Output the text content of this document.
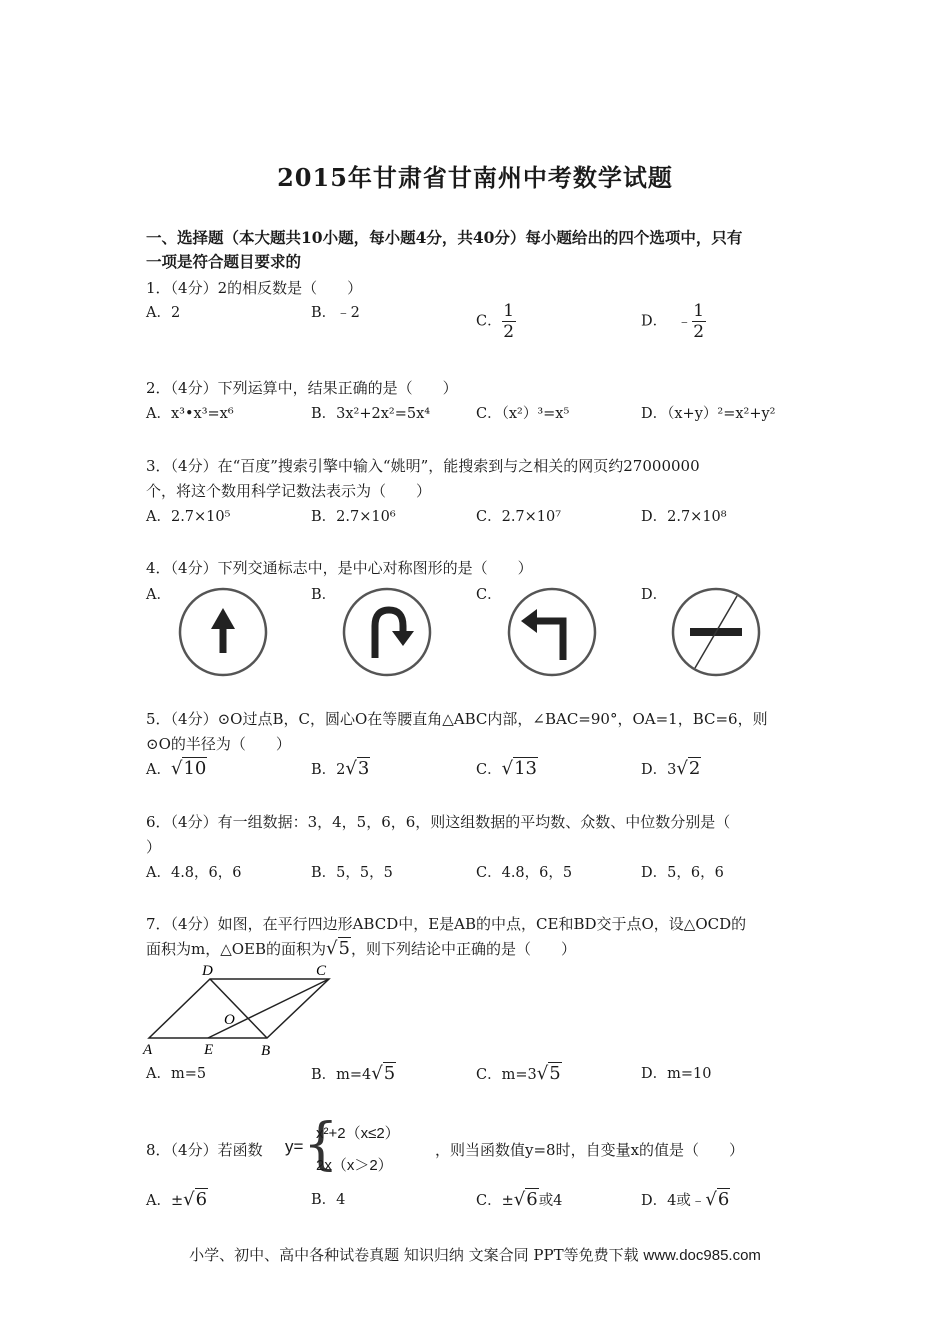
2015年甘肃省甘南州中考数学试题
一、选择题（本大题共10小题，每小题4分，共40分）每小题给出的四个选项中，只有
一项是符合题目要求的
1．（4分）2的相反数是（　　）
A．2	B．﹣2
C． $\frac{1}{2}$	D． ﹣ $\frac{1}{2}$
2．（4分）下列运算中，结果正确的是（　　）
A．x³•x³=x⁶	B．3x²+2x²=5x⁴	C．（x²）³=x⁵	D．（x+y）²=x²+y²
3．（4分）在“百度”搜索引擎中输入“姚明”，能搜索到与之相关的网页约27000000
个，将这个数用科学记数法表示为（　　）
A．2.7×10⁵	B．2.7×10⁶	C．2.7×10⁷	D．2.7×10⁸
4．（4分）下列交通标志中，是中心对称图形的是（　　）
A．	B．	C．	D．
5．（4分）⊙O过点B，C，圆心O在等腰直角△ABC内部，∠BAC=90°，OA=1，BC=6，则
⊙O的半径为（　　）
A．√10	B．2√3	C．√13	D．3√2
6．（4分）有一组数据：3，4，5，6，6，则这组数据的平均数、众数、中位数分别是（
）
A．4.8，6，6	B．5，5，5	C．4.8，6，5	D．5，6，6
7．（4分）如图，在平行四边形ABCD中，E是AB的中点，CE和BD交于点O，设△OCD的
面积为m，△OEB的面积为√5，则下列结论中正确的是（　　）
D	C
O
A	E	B
A．m=5	B．m=4√5	C．m=3√5	D．m=10
8．（4分）若函数 y= {
x²+2（x≤2）
2x（x＞2）
，则当函数值y=8时，自变量x的值是（　　）
A．±√6	B．4	C．±√6或4	D．4或﹣√6
小学、初中、高中各种试卷真题 知识归纳 文案合同 PPT等免费下载 www.doc985.com
